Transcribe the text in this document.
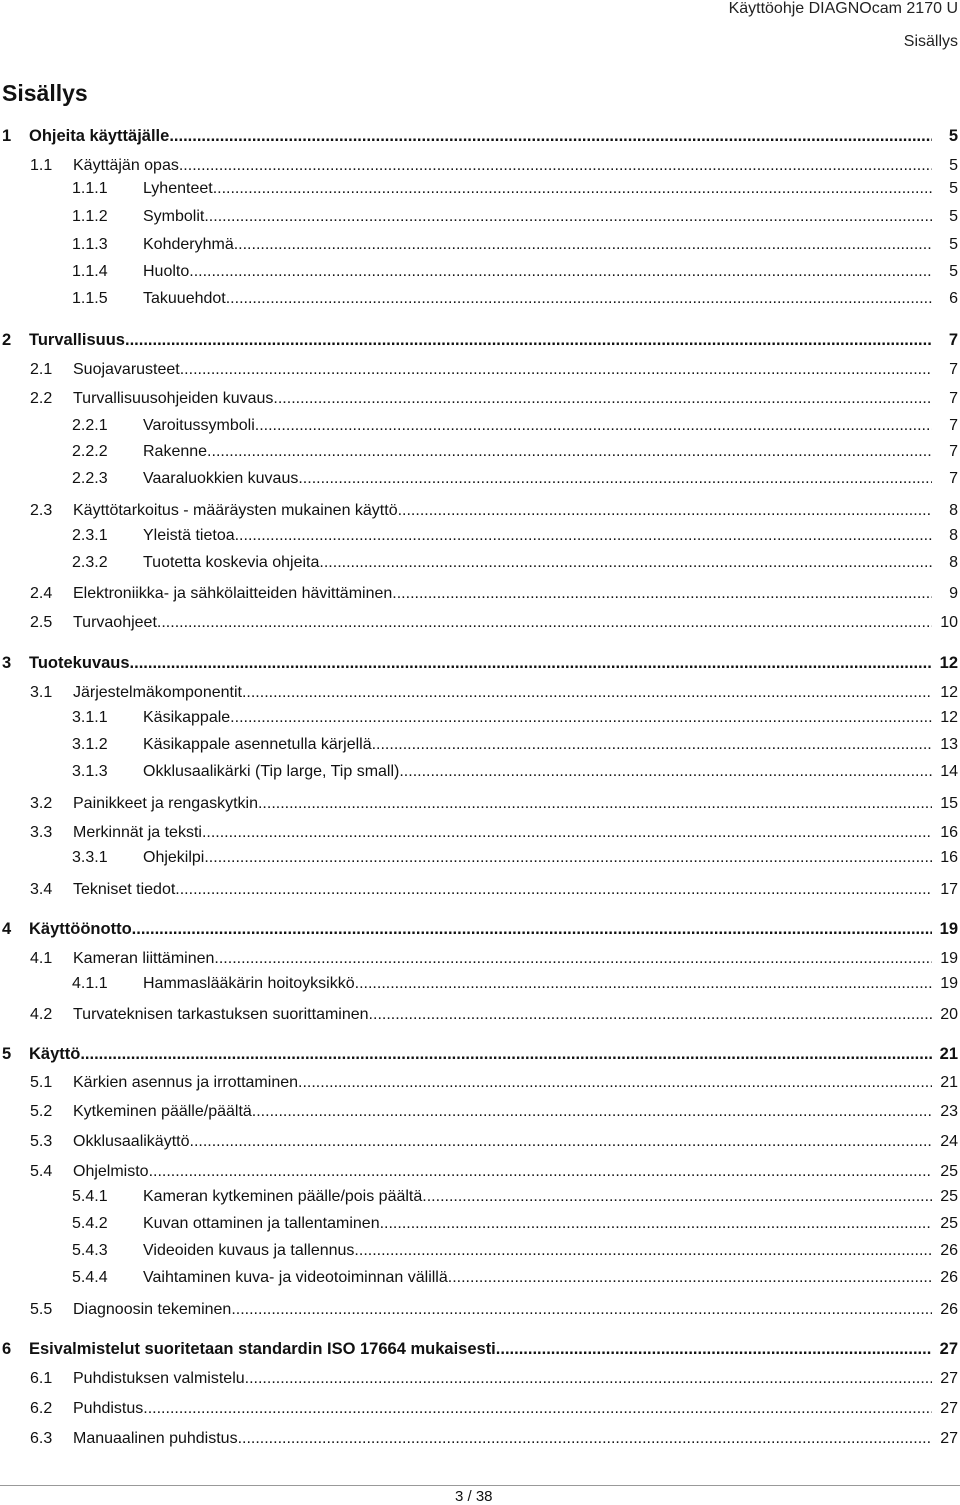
Käyttöohje DIAGNOcam 2170 U
Sisällys
Sisällys
1 Ohjeita käyttäjälle .....	5
1.1 Käyttäjän opas .....	5
1.1.1 Lyhenteet .....	5
1.1.2 Symbolit .....	5
1.1.3 Kohderyhmä .....	5
1.1.4 Huolto .....	5
1.1.5 Takuuehdot .....	6
2 Turvallisuus .....	7
2.1 Suojavarusteet .....	7
2.2 Turvallisuusohjeiden kuvaus .....	7
2.2.1 Varoitussymboli .....	7
2.2.2 Rakenne .....	7
2.2.3 Vaaraluokkien kuvaus .....	7
2.3 Käyttötarkoitus - määräysten mukainen käyttö .....	8
2.3.1 Yleistä tietoa .....	8
2.3.2 Tuotetta koskevia ohjeita .....	8
2.4 Elektroniikka- ja sähkölaitteiden hävittäminen .....	9
2.5 Turvaohjeet .....	10
3 Tuotekuvaus .....	12
3.1 Järjestelmäkomponentit .....	12
3.1.1 Käsikappale .....	12
3.1.2 Käsikappale asennetulla kärjellä .....	13
3.1.3 Okklusaalikärki (Tip large, Tip small) .....	14
3.2 Painikkeet ja rengaskytkin .....	15
3.3 Merkinnät ja teksti .....	16
3.3.1 Ohjekilpi .....	16
3.4 Tekniset tiedot .....	17
4 Käyttöönotto .....	19
4.1 Kameran liittäminen .....	19
4.1.1 Hammaslääkärin hoitoyksikkö .....	19
4.2 Turvateknisen tarkastuksen suorittaminen .....	20
5 Käyttö .....	21
5.1 Kärkien asennus ja irrottaminen .....	21
5.2 Kytkeminen päälle/päältä .....	23
5.3 Okklusaalikäyttö .....	24
5.4 Ohjelmisto .....	25
5.4.1 Kameran kytkeminen päälle/pois päältä .....	25
5.4.2 Kuvan ottaminen ja tallentaminen .....	25
5.4.3 Videoiden kuvaus ja tallennus .....	26
5.4.4 Vaihtaminen kuva- ja videotoiminnan välillä .....	26
5.5 Diagnoosin tekeminen .....	26
6 Esivalmistelut suoritetaan standardin ISO 17664 mukaisesti .....	27
6.1 Puhdistuksen valmistelu .....	27
6.2 Puhdistus .....	27
6.3 Manuaalinen puhdistus .....	27
3 / 38
